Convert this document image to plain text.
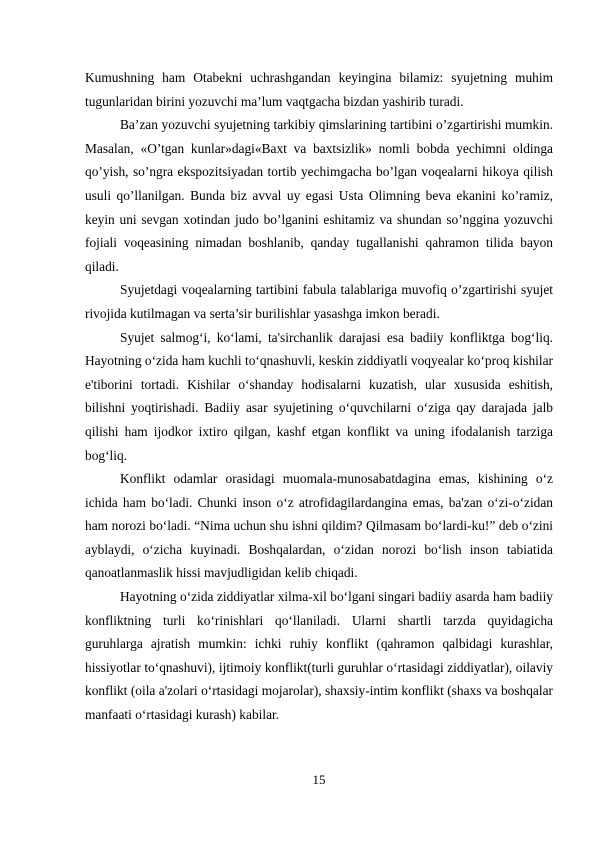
Kumushning ham Otabekni uchrashgandan keyingina bilamiz: syujetning muhim tugunlaridan birini yozuvchi maʼlum vaqtgacha bizdan yashirib turadi.

Ba’zan yozuvchi syujetning tarkibiy qimslarining tartibini o’zgartirishi mumkin. Masalan, «O’tgan kunlar»dagi«Baxt va baxtsizlik» nomli bobda yechimni oldinga qo’yish, so’ngra ekspozitsiyadan tortib yechimgacha bo’lgan voqealarni hikoya qilish usuli qo’llanilgan. Bunda biz avval uy egasi Usta Olimning beva ekanini ko’ramiz, keyin uni sevgan xotindan judo bo’lganini eshitamiz va shundan so’nggina yozuvchi fojiali voqeasining nimadan boshlanib, qanday tugallanishi qahramon tilida bayon qiladi.

Syujetdagi voqealarning tartibini fabula talablariga muvofiq o’zgartirishi syujet rivojida kutilmagan va serta’sir burilishlar yasashga imkon beradi.

Syujet salmog‘i, ko‘lami, ta'sirchanlik darajasi esa badiiy konfliktga bog‘liq. Hayotning o‘zida ham kuchli to‘qnashuvli, keskin ziddiyatli voqyealar ko‘proq kishilar e'tiborini tortadi. Kishilar o‘shanday hodisalarni kuzatish, ular xususida eshitish, bilishni yoqtirishadi. Badiiy asar syujetining o‘quvchilarni o‘ziga qay darajada jalb qilishi ham ijodkor ixtiro qilgan, kashf etgan konflikt va uning ifodalanish tarziga bog‘liq.

Konflikt odamlar orasidagi muomala-munosabatdagina emas, kishining o‘z ichida ham bo‘ladi. Chunki inson o‘z atrofidagilardangina emas, ba'zan o‘zi-o‘zidan ham norozi bo‘ladi. “Nima uchun shu ishni qildim? Qilmasam bo‘lardi-ku!” deb o‘zini ayblaydi, o‘zicha kuyinadi. Boshqalardan, o‘zidan norozi bo‘lish inson tabiatida qanoatlanmaslik hissi mavjudligidan kelib chiqadi.

Hayotning o‘zida ziddiyatlar xilma-xil bo‘lgani singari badiiy asarda ham badiiy konfliktning turli ko‘rinishlari qo‘llaniladi. Ularni shartli tarzda quyidagicha guruhlarga ajratish mumkin: ichki ruhiy konflikt (qahramon qalbidagi kurashlar, hissiyotlar to‘qnashuvi), ijtimoiy konflikt(turli guruhlar o‘rtasidagi ziddiyatlar), oilaviy konflikt (oila a'zolari o‘rtasidagi mojarolar), shaxsiy-intim konflikt (shaxs va boshqalar manfaati o‘rtasidagi kurash) kabilar.

15
